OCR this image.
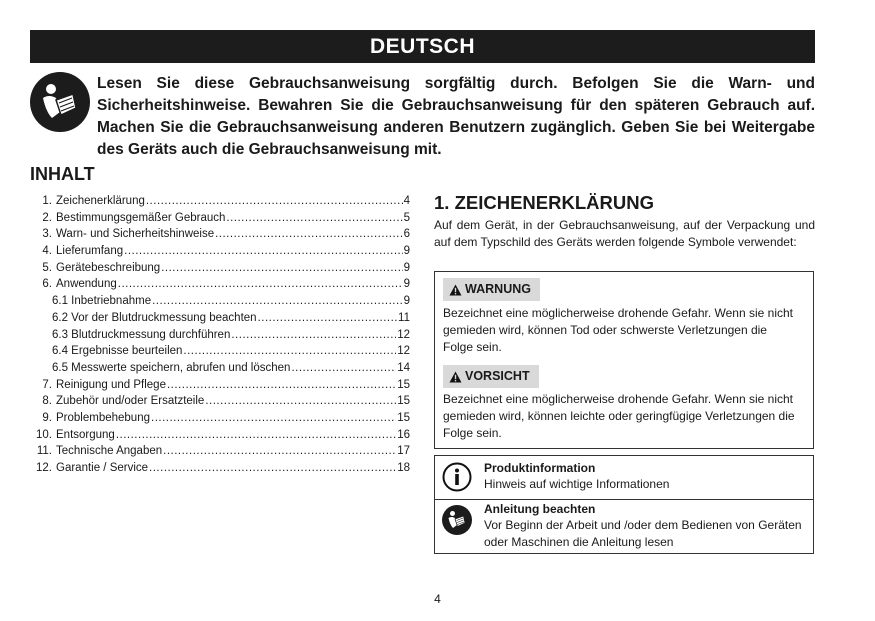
DEUTSCH
Lesen Sie diese Gebrauchsanweisung sorgfältig durch. Befolgen Sie die Warn- und Sicherheitshinweise. Bewahren Sie die Gebrauchsanweisung für den späteren Gebrauch auf. Machen Sie die Gebrauchsanweisung anderen Benutzern zugänglich. Geben Sie bei Weitergabe des Geräts auch die Gebrauchsanweisung mit.
INHALT
1. Zeichenerklärung .....	4
2. Bestimmungsgemäßer Gebrauch .....	5
3. Warn- und Sicherheitshinweise .....	6
4. Lieferumfang .....	9
5. Gerätebeschreibung .....	9
6. Anwendung .....	9
6.1 Inbetriebnahme .....	9
6.2 Vor der Blutdruckmessung beachten .....	11
6.3 Blutdruckmessung durchführen .....	12
6.4 Ergebnisse beurteilen .....	12
6.5 Messwerte speichern, abrufen und löschen .....	14
7. Reinigung und Pflege .....	15
8. Zubehör und/oder Ersatzteile .....	15
9. Problembehebung .....	15
10. Entsorgung .....	16
11. Technische Angaben .....	17
12. Garantie / Service .....	18
1. ZEICHENERKLÄRUNG
Auf dem Gerät, in der Gebrauchsanweisung, auf der Verpackung und auf dem Typschild des Geräts werden folgende Symbole verwendet:
WARNUNG
Bezeichnet eine möglicherweise drohende Gefahr. Wenn sie nicht gemieden wird, können Tod oder schwerste Verletzungen die Folge sein.
VORSICHT
Bezeichnet eine möglicherweise drohende Gefahr. Wenn sie nicht gemieden wird, können leichte oder geringfügige Verletzungen die Folge sein.
Produktinformation
Hinweis auf wichtige Informationen
Anleitung beachten
Vor Beginn der Arbeit und /oder dem Bedienen von Geräten oder Maschinen die Anleitung lesen
4
